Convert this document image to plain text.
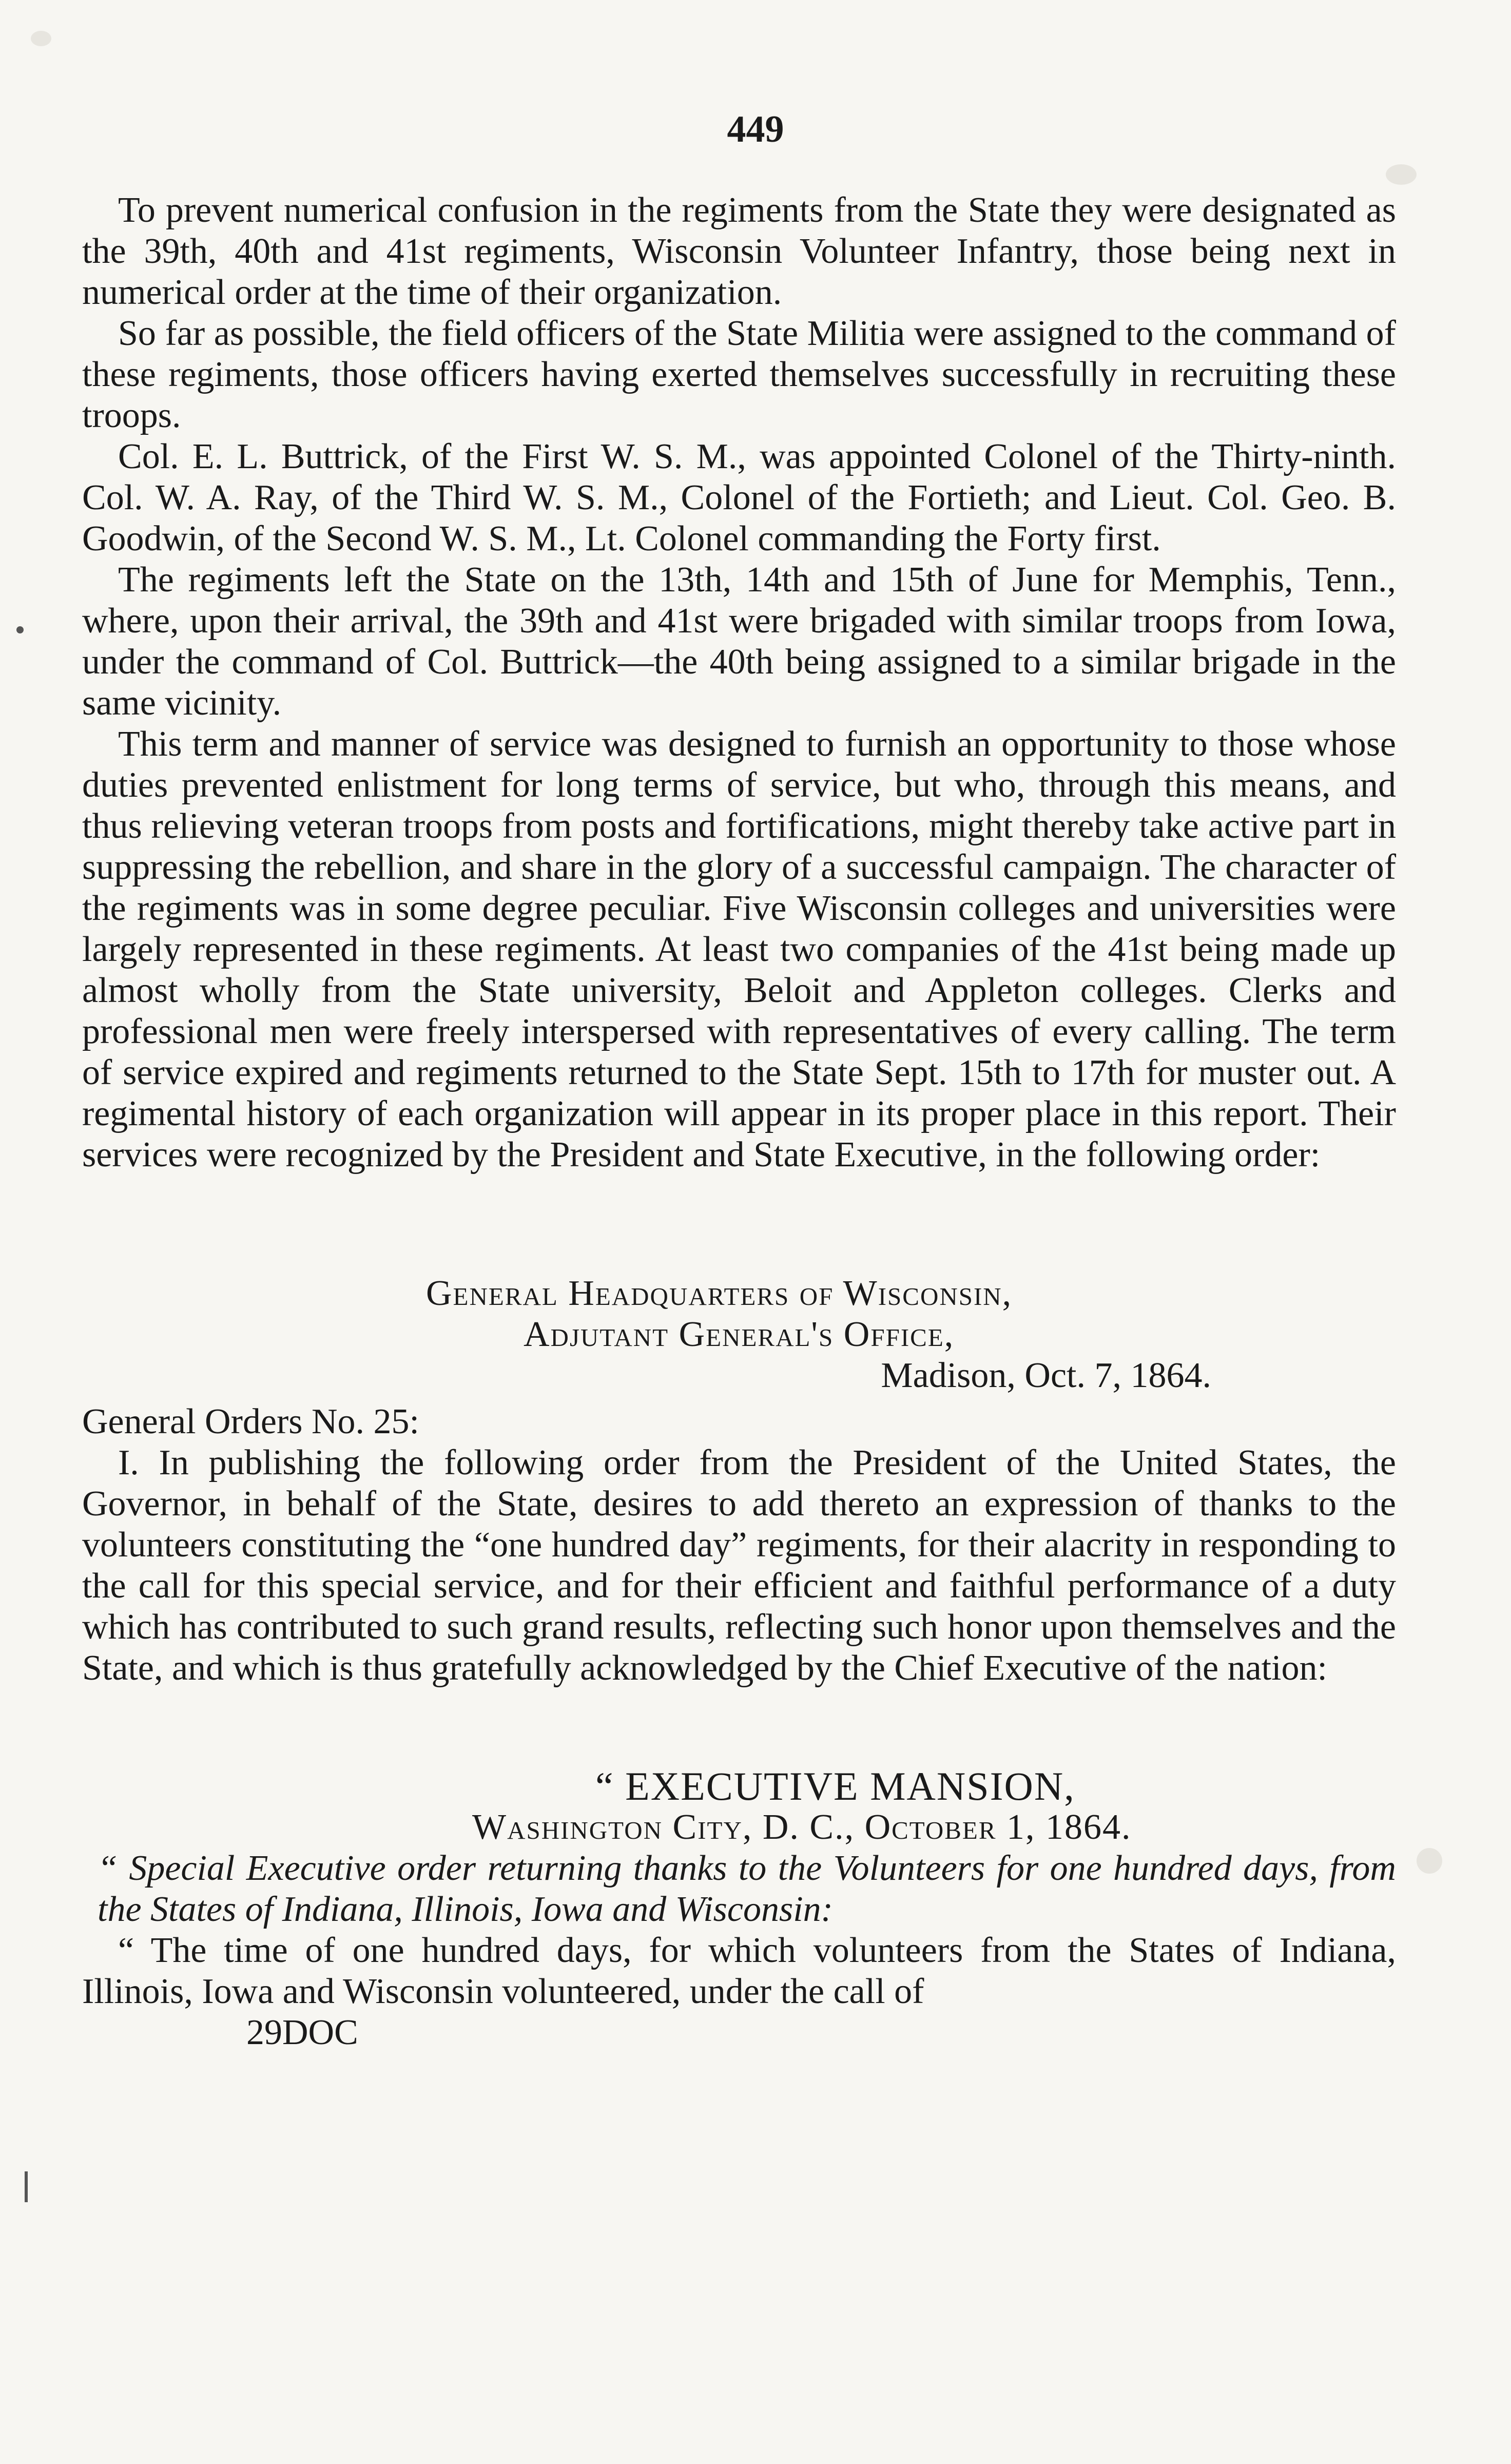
449

To prevent numerical confusion in the regiments from the State they were designated as the 39th, 40th and 41st regiments, Wisconsin Volunteer Infantry, those being next in numerical order at the time of their organization.

So far as possible, the field officers of the State Militia were assigned to the command of these regiments, those officers having exerted themselves successfully in recruiting these troops.

Col. E. L. Buttrick, of the First W. S. M., was appointed Colonel of the Thirty-ninth. Col. W. A. Ray, of the Third W. S. M., Colonel of the Fortieth; and Lieut. Col. Geo. B. Goodwin, of the Second W. S. M., Lt. Colonel commanding the Forty first.

The regiments left the State on the 13th, 14th and 15th of June for Memphis, Tenn., where, upon their arrival, the 39th and 41st were brigaded with similar troops from Iowa, under the command of Col. Buttrick—the 40th being assigned to a similar brigade in the same vicinity.

This term and manner of service was designed to furnish an opportunity to those whose duties prevented enlistment for long terms of service, but who, through this means, and thus relieving veteran troops from posts and fortifications, might thereby take active part in suppressing the rebellion, and share in the glory of a successful campaign. The character of the regiments was in some degree peculiar. Five Wisconsin colleges and universities were largely represented in these regiments. At least two companies of the 41st being made up almost wholly from the State university, Beloit and Appleton colleges. Clerks and professional men were freely interspersed with representatives of every calling. The term of service expired and regiments returned to the State Sept. 15th to 17th for muster out. A regimental history of each organization will appear in its proper place in this report. Their services were recognized by the President and State Executive, in the following order:

General Headquarters of Wisconsin,
Adjutant General's Office,
Madison, Oct. 7, 1864.

General Orders No. 25:

I. In publishing the following order from the President of the United States, the Governor, in behalf of the State, desires to add thereto an expression of thanks to the volunteers constituting the “one hundred day” regiments, for their alacrity in responding to the call for this special service, and for their efficient and faithful performance of a duty which has contributed to such grand results, reflecting such honor upon themselves and the State, and which is thus gratefully acknowledged by the Chief Executive of the nation:

“ EXECUTIVE MANSION,
Washington City, D. C., October 1, 1864.

“ Special Executive order returning thanks to the Volunteers for one hundred days, from the States of Indiana, Illinois, Iowa and Wisconsin:

“ The time of one hundred days, for which volunteers from the States of Indiana, Illinois, Iowa and Wisconsin volunteered, under the call of

29DOC
